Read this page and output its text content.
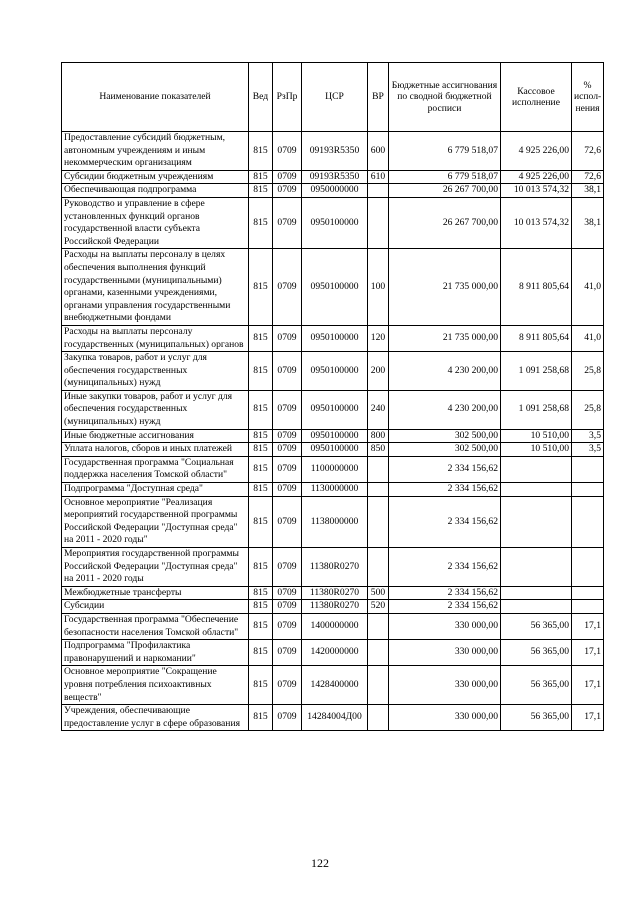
Наименование показателей	Вед	РзПр	ЦСР	ВР	Бюджетные ассигнования по сводной бюджетной росписи	Кассовое исполнение	% испол-нения
Предоставление субсидий бюджетным, автономным учреждениям и иным некоммерческим организациям	815	0709	09193R5350	600	6 779 518,07	4 925 226,00	72,6
Субсидии бюджетным учреждениям	815	0709	09193R5350	610	6 779 518,07	4 925 226,00	72,6
Обеспечивающая подпрограмма	815	0709	0950000000		26 267 700,00	10 013 574,32	38,1
Руководство и управление в сфере установленных функций органов государственной власти субъекта Российской Федерации	815	0709	0950100000		26 267 700,00	10 013 574,32	38,1
Расходы на выплаты персоналу в целях обеспечения выполнения функций государственными (муниципальными) органами, казенными учреждениями, органами управления государственными внебюджетными фондами	815	0709	0950100000	100	21 735 000,00	8 911 805,64	41,0
Расходы на выплаты персоналу государственных (муниципальных) органов	815	0709	0950100000	120	21 735 000,00	8 911 805,64	41,0
Закупка товаров, работ и услуг для обеспечения государственных (муниципальных) нужд	815	0709	0950100000	200	4 230 200,00	1 091 258,68	25,8
Иные закупки товаров, работ и услуг для обеспечения государственных (муниципальных) нужд	815	0709	0950100000	240	4 230 200,00	1 091 258,68	25,8
Иные бюджетные ассигнования	815	0709	0950100000	800	302 500,00	10 510,00	3,5
Уплата налогов, сборов и иных платежей	815	0709	0950100000	850	302 500,00	10 510,00	3,5
Государственная программа "Социальная поддержка населения Томской области"	815	0709	1100000000		2 334 156,62		
Подпрограмма "Доступная среда"	815	0709	1130000000		2 334 156,62		
Основное мероприятие "Реализация мероприятий государственной программы Российской Федерации "Доступная среда" на 2011 - 2020 годы"	815	0709	1138000000		2 334 156,62		
Мероприятия государственной программы Российской Федерации "Доступная среда" на 2011 - 2020 годы	815	0709	11380R0270		2 334 156,62		
Межбюджетные трансферты	815	0709	11380R0270	500	2 334 156,62		
Субсидии	815	0709	11380R0270	520	2 334 156,62		
Государственная программа "Обеспечение безопасности населения Томской области"	815	0709	1400000000		330 000,00	56 365,00	17,1
Подпрограмма "Профилактика правонарушений и наркомании"	815	0709	1420000000		330 000,00	56 365,00	17,1
Основное мероприятие "Сокращение уровня потребления психоактивных веществ"	815	0709	1428400000		330 000,00	56 365,00	17,1
Учреждения, обеспечивающие предоставление услуг в сфере образования	815	0709	14284004Д00		330 000,00	56 365,00	17,1
122
